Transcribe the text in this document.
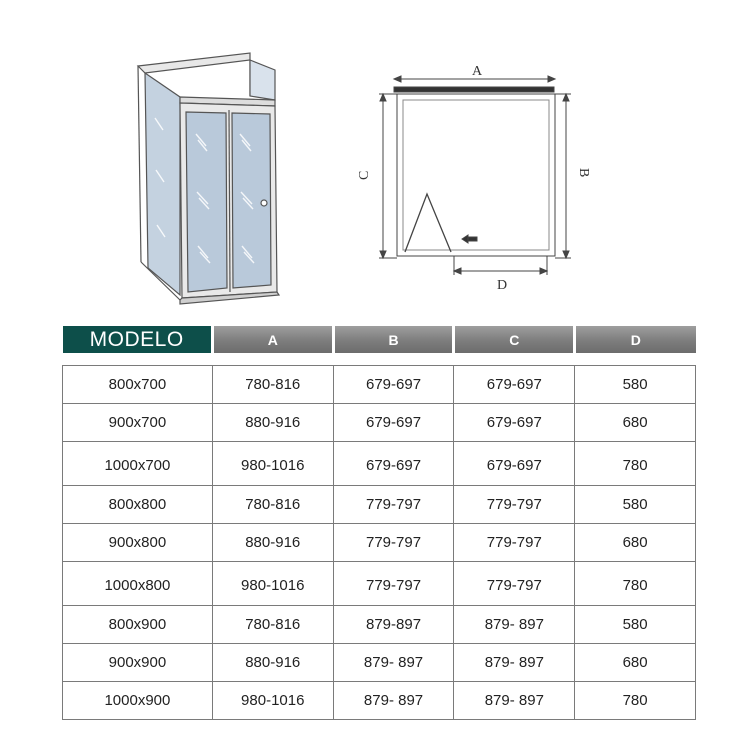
A
C	B
D
MODELO	A	B	C	D

800x700	780-816	679-697	679-697	580
900x700	880-916	679-697	679-697	680
1000x700	980-1016	679-697	679-697	780
800x800	780-816	779-797	779-797	580
900x800	880-916	779-797	779-797	680
1000x800	980-1016	779-797	779-797	780
800x900	780-816	879-897	879- 897	580
900x900	880-916	879- 897	879- 897	680
1000x900	980-1016	879- 897	879- 897	780
